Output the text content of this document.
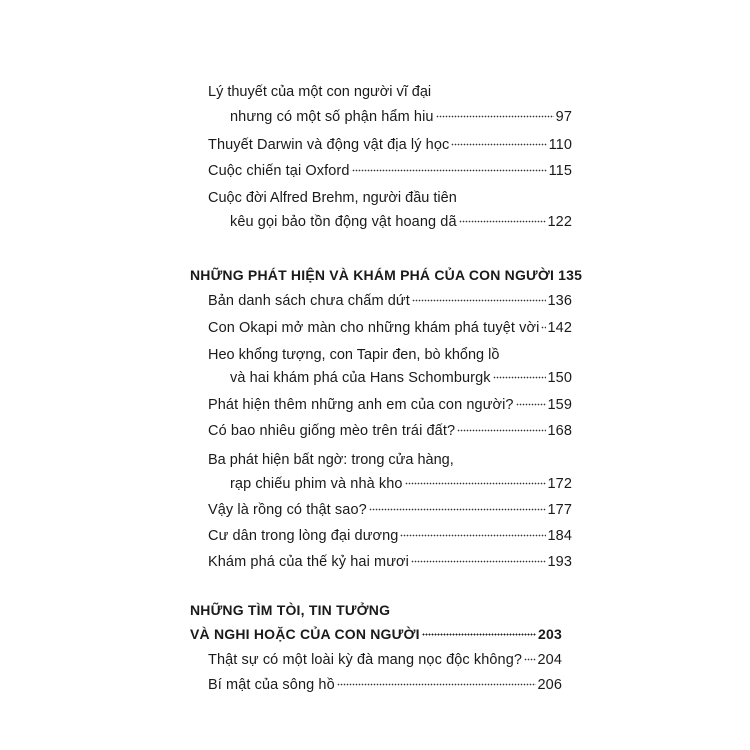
Lý thuyết của một con người vĩ đại
nhưng có một số phận hẩm hiu	97
Thuyết Darwin và động vật địa lý học	110
Cuộc chiến tại Oxford	115
Cuộc đời Alfred Brehm, người đầu tiên
kêu gọi bảo tồn động vật hoang dã	122
NHỮNG PHÁT HIỆN VÀ KHÁM PHÁ CỦA CON NGƯỜI 135
Bản danh sách chưa chấm dứt	136
Con Okapi mở màn cho những khám phá tuyệt vời 142
Heo khổng tượng, con Tapir đen, bò khổng lồ
và hai khám phá của Hans Schomburgk	150
Phát hiện thêm những anh em của con người? 159
Có bao nhiêu giống mèo trên trái đất?	168
Ba phát hiện bất ngờ: trong cửa hàng,
rạp chiếu phim và nhà kho	172
Vậy là rồng có thật sao?	177
Cư dân trong lòng đại dương	184
Khám phá của thế kỷ hai mươi	193
NHỮNG TÌM TÒI, TIN TƯỞNG
VÀ NGHI HOẶC CỦA CON NGƯỜI	203
Thật sự có một loài kỳ đà mang nọc độc không? 204
Bí mật của sông hồ	206
